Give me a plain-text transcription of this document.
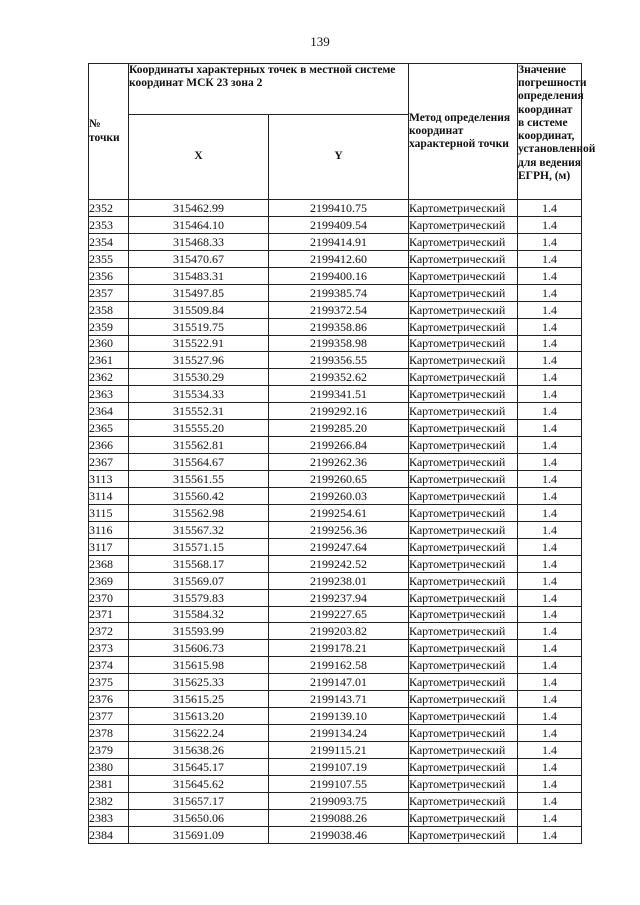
139
№ точки	Координаты характерных точек в местной системе координат МСК 23 зона 2		Метод определения координат характерной точки	Значение погрешности определения координат в системе координат, установленной для ведения ЕГРН, (м)
	X	Y		
2352	315462.99	2199410.75	Картометрический	1.4
2353	315464.10	2199409.54	Картометрический	1.4
2354	315468.33	2199414.91	Картометрический	1.4
2355	315470.67	2199412.60	Картометрический	1.4
2356	315483.31	2199400.16	Картометрический	1.4
2357	315497.85	2199385.74	Картометрический	1.4
2358	315509.84	2199372.54	Картометрический	1.4
2359	315519.75	2199358.86	Картометрический	1.4
2360	315522.91	2199358.98	Картометрический	1.4
2361	315527.96	2199356.55	Картометрический	1.4
2362	315530.29	2199352.62	Картометрический	1.4
2363	315534.33	2199341.51	Картометрический	1.4
2364	315552.31	2199292.16	Картометрический	1.4
2365	315555.20	2199285.20	Картометрический	1.4
2366	315562.81	2199266.84	Картометрический	1.4
2367	315564.67	2199262.36	Картометрический	1.4
3113	315561.55	2199260.65	Картометрический	1.4
3114	315560.42	2199260.03	Картометрический	1.4
3115	315562.98	2199254.61	Картометрический	1.4
3116	315567.32	2199256.36	Картометрический	1.4
3117	315571.15	2199247.64	Картометрический	1.4
2368	315568.17	2199242.52	Картометрический	1.4
2369	315569.07	2199238.01	Картометрический	1.4
2370	315579.83	2199237.94	Картометрический	1.4
2371	315584.32	2199227.65	Картометрический	1.4
2372	315593.99	2199203.82	Картометрический	1.4
2373	315606.73	2199178.21	Картометрический	1.4
2374	315615.98	2199162.58	Картометрический	1.4
2375	315625.33	2199147.01	Картометрический	1.4
2376	315615.25	2199143.71	Картометрический	1.4
2377	315613.20	2199139.10	Картометрический	1.4
2378	315622.24	2199134.24	Картометрический	1.4
2379	315638.26	2199115.21	Картометрический	1.4
2380	315645.17	2199107.19	Картометрический	1.4
2381	315645.62	2199107.55	Картометрический	1.4
2382	315657.17	2199093.75	Картометрический	1.4
2383	315650.06	2199088.26	Картометрический	1.4
2384	315691.09	2199038.46	Картометрический	1.4
